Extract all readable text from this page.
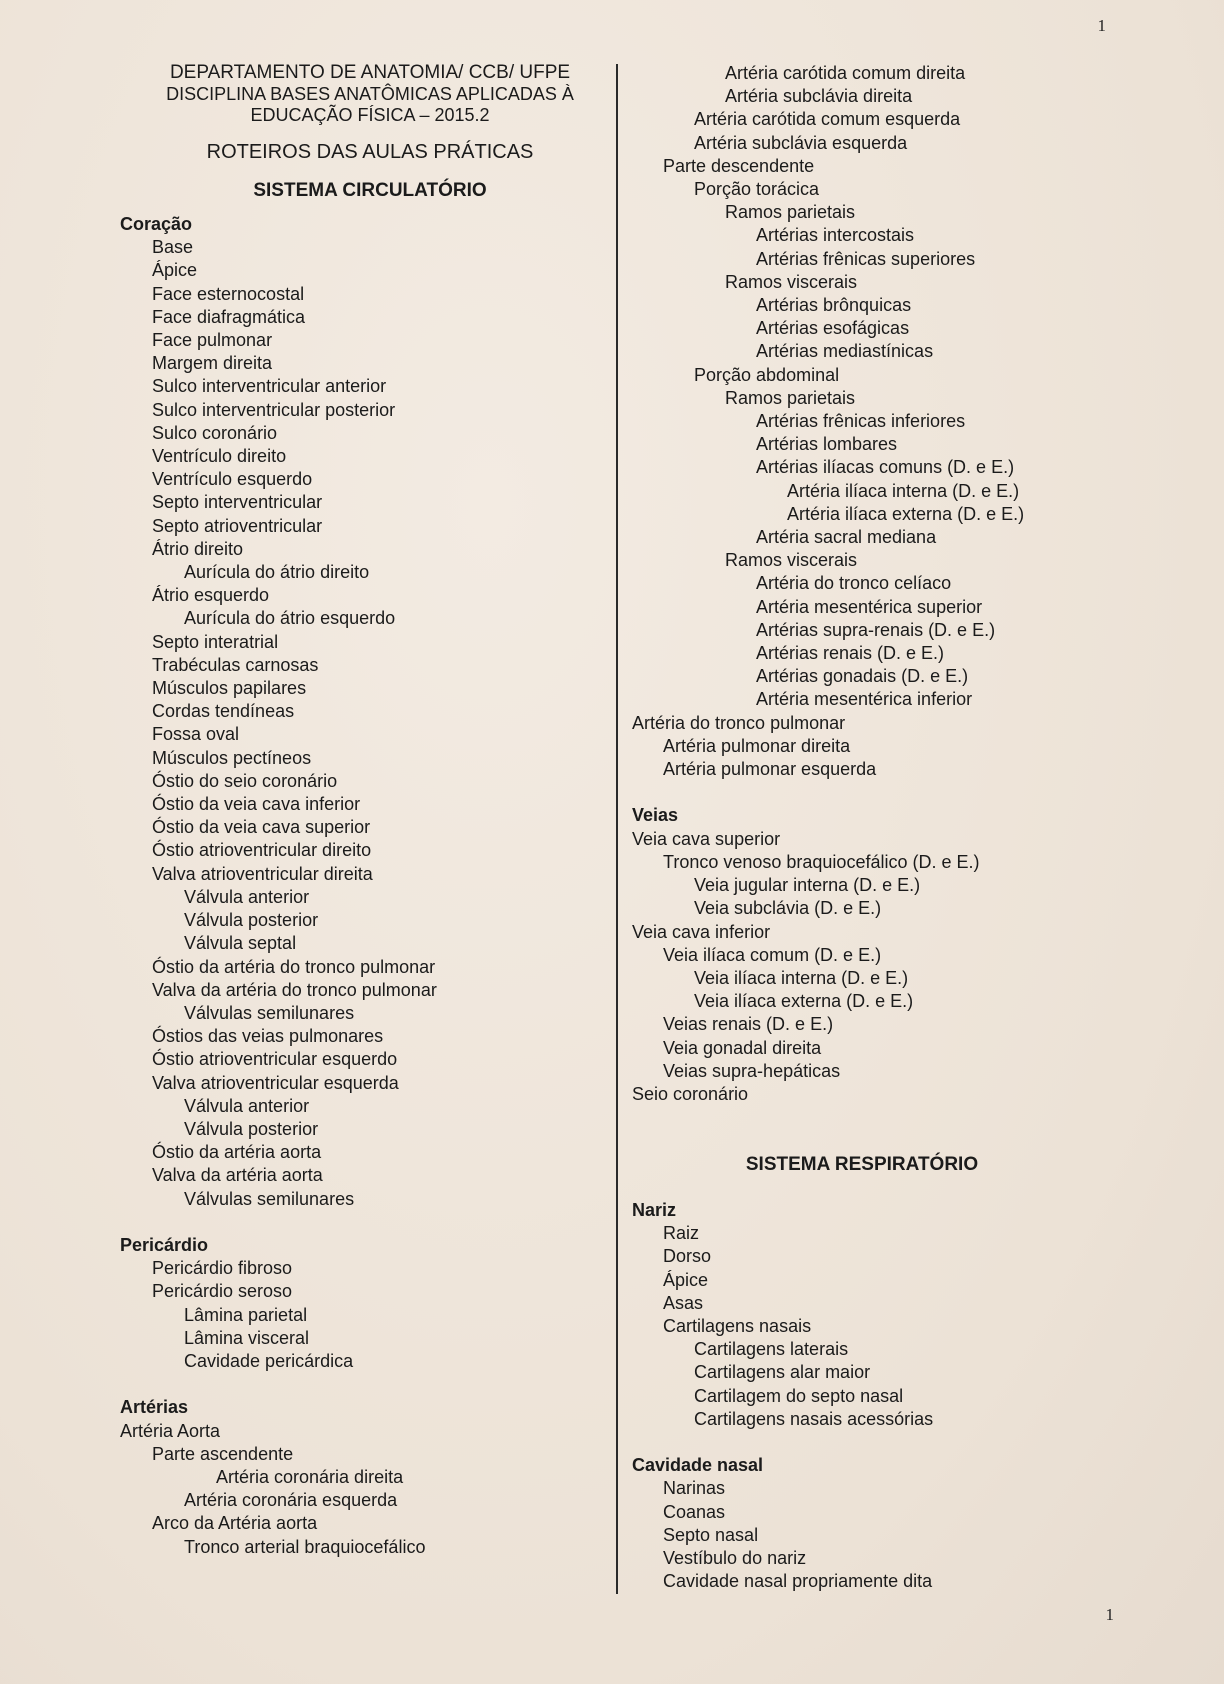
1
DEPARTAMENTO DE ANATOMIA/ CCB/ UFPE
DISCIPLINA BASES ANATÔMICAS APLICADAS À
EDUCAÇÃO FÍSICA – 2015.2
ROTEIROS DAS AULAS PRÁTICAS
SISTEMA CIRCULATÓRIO
Coração
Base
Ápice
Face esternocostal
Face diafragmática
Face pulmonar
Margem direita
Sulco interventricular anterior
Sulco interventricular posterior
Sulco coronário
Ventrículo direito
Ventrículo esquerdo
Septo interventricular
Septo atrioventricular
Átrio direito
Aurícula do átrio direito
Átrio esquerdo
Aurícula do átrio esquerdo
Septo interatrial
Trabéculas carnosas
Músculos papilares
Cordas tendíneas
Fossa oval
Músculos pectíneos
Óstio do seio coronário
Óstio da veia cava inferior
Óstio da veia cava superior
Óstio atrioventricular direito
Valva atrioventricular direita
Válvula anterior
Válvula posterior
Válvula septal
Óstio da artéria do tronco pulmonar
Valva da artéria do tronco pulmonar
Válvulas semilunares
Óstios das veias pulmonares
Óstio atrioventricular esquerdo
Valva atrioventricular esquerda
Válvula anterior
Válvula posterior
Óstio da artéria aorta
Valva da artéria aorta
Válvulas semilunares
Pericárdio
Pericárdio fibroso
Pericárdio seroso
Lâmina parietal
Lâmina visceral
Cavidade pericárdica
Artérias
Artéria Aorta
Parte ascendente
Artéria coronária direita
Artéria coronária esquerda
Arco da Artéria aorta
Tronco arterial braquiocefálico
Artéria carótida comum direita
Artéria subclávia direita
Artéria carótida comum esquerda
Artéria subclávia esquerda
Parte descendente
Porção torácica
Ramos parietais
Artérias intercostais
Artérias frênicas superiores
Ramos viscerais
Artérias brônquicas
Artérias esofágicas
Artérias mediastínicas
Porção abdominal
Ramos parietais
Artérias frênicas inferiores
Artérias lombares
Artérias ilíacas comuns (D. e E.)
Artéria ilíaca interna (D. e E.)
Artéria ilíaca externa (D. e E.)
Artéria sacral mediana
Ramos viscerais
Artéria do tronco celíaco
Artéria mesentérica superior
Artérias supra-renais (D. e E.)
Artérias renais (D. e E.)
Artérias gonadais (D. e E.)
Artéria mesentérica inferior
Artéria do tronco pulmonar
Artéria pulmonar direita
Artéria pulmonar esquerda
Veias
Veia cava superior
Tronco venoso braquiocefálico (D. e E.)
Veia jugular interna (D. e E.)
Veia subclávia (D. e E.)
Veia cava inferior
Veia ilíaca comum (D. e E.)
Veia ilíaca interna (D. e E.)
Veia ilíaca externa (D. e E.)
Veias renais (D. e E.)
Veia gonadal direita
Veias supra-hepáticas
Seio coronário
SISTEMA RESPIRATÓRIO
Nariz
Raiz
Dorso
Ápice
Asas
Cartilagens nasais
Cartilagens laterais
Cartilagens alar maior
Cartilagem do septo nasal
Cartilagens nasais acessórias
Cavidade nasal
Narinas
Coanas
Septo nasal
Vestíbulo do nariz
Cavidade nasal propriamente dita
1
